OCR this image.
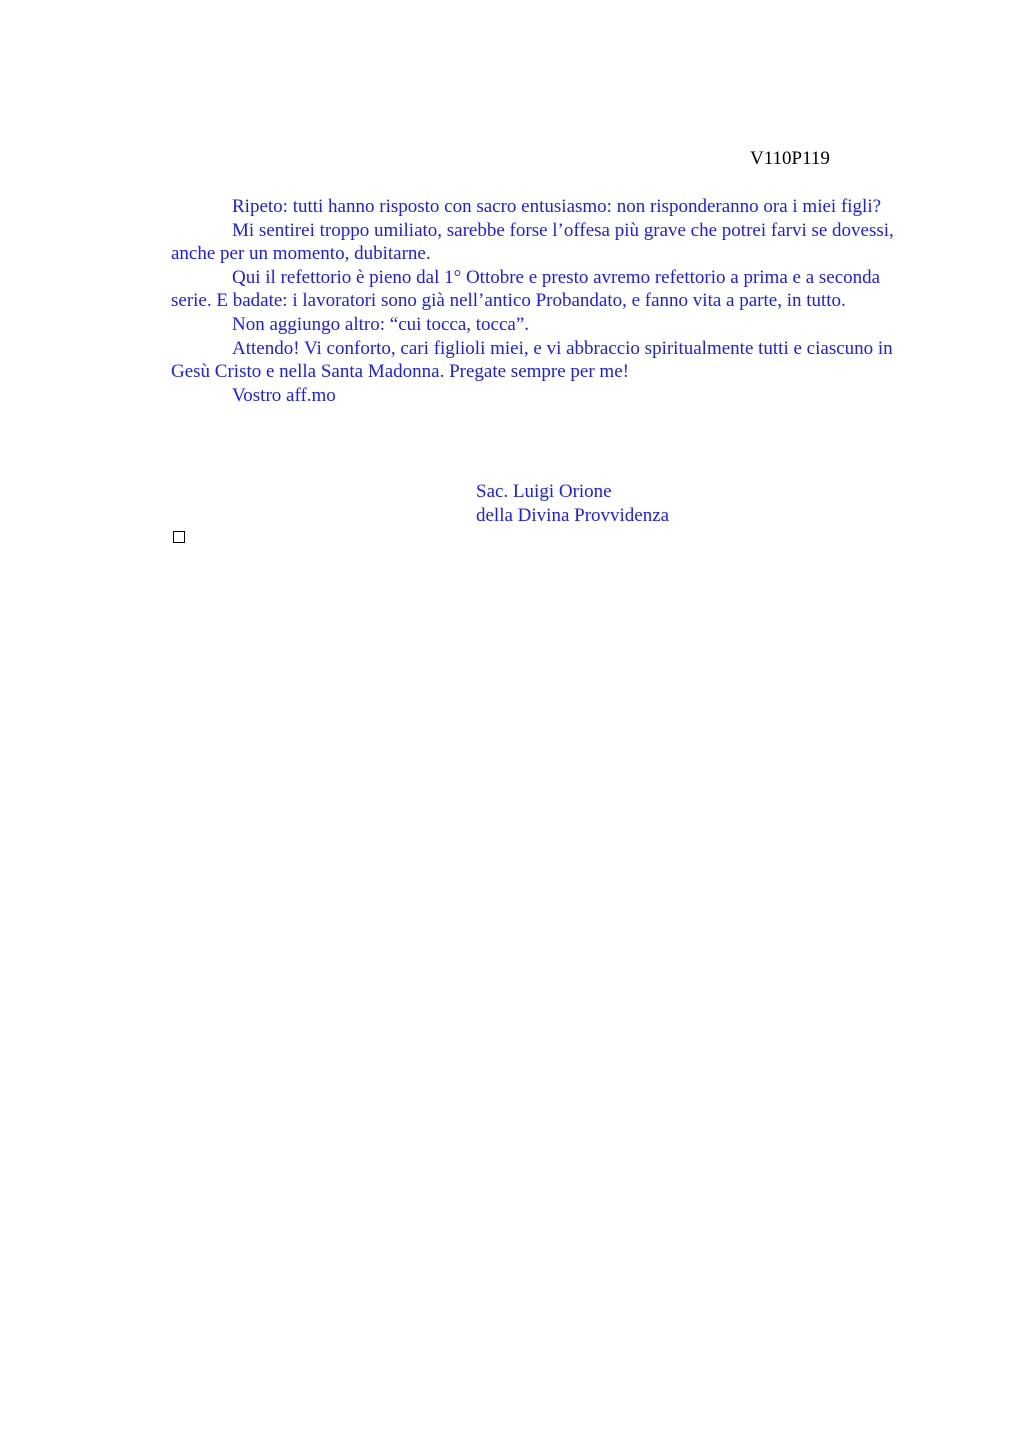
V110P119

Ripeto: tutti hanno risposto con sacro entusiasmo: non risponderanno ora i miei figli?

Mi sentirei troppo umiliato, sarebbe forse l’offesa più grave che potrei farvi se dovessi, anche per un momento, dubitarne.

Qui il refettorio è pieno dal 1° Ottobre e presto avremo refettorio a prima e a seconda serie. E badate: i lavoratori sono già nell’antico Probandato, e fanno vita a parte, in tutto.

Non aggiungo altro: “cui tocca, tocca”.

Attendo! Vi conforto, cari figlioli miei, e vi abbraccio spiritualmente tutti e ciascuno in Gesù Cristo e nella Santa Madonna. Pregate sempre per me!

Vostro aff.mo

Sac. Luigi Orione
della Divina Provvidenza
